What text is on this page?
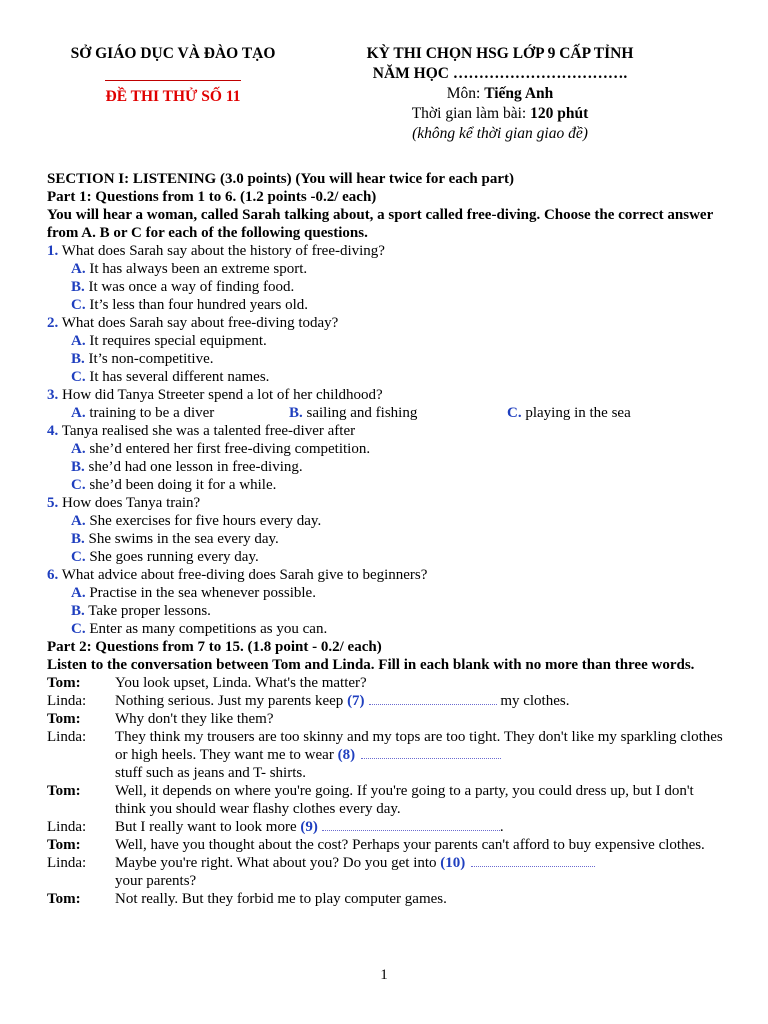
SỞ GIÁO DỤC VÀ ĐÀO TẠO
ĐỀ THI THỬ SỐ 11
KỲ THI CHỌN HSG LỚP 9 CẤP TỈNH
NĂM HỌC …………………………….
Môn: Tiếng Anh
Thời gian làm bài: 120 phút
(không kể thời gian giao đề)
SECTION I: LISTENING (3.0 points) (You will hear twice for each part)
Part 1: Questions from 1 to 6. (1.2 points -0.2/ each)
You will hear a woman, called Sarah talking about, a sport called free-diving. Choose the correct answer from A. B or C for each of the following questions.
1. What does Sarah say about the history of free-diving?
A. It has always been an extreme sport.
B. It was once a way of finding food.
C. It’s less than four hundred years old.
2. What does Sarah say about free-diving today?
A. It requires special equipment.
B. It’s non-competitive.
C. It has several different names.
3. How did Tanya Streeter spend a lot of her childhood?
A. training to be a diver	B. sailing and fishing	C. playing in the sea
4. Tanya realised she was a talented free-diver after
A. she’d entered her first free-diving competition.
B. she’d had one lesson in free-diving.
C. she’d been doing it for a while.
5. How does Tanya train?
A. She exercises for five hours every day.
B. She swims in the sea every day.
C. She goes running every day.
6. What advice about free-diving does Sarah give to beginners?
A. Practise in the sea whenever possible.
B. Take proper lessons.
C. Enter as many competitions as you can.
Part 2: Questions from 7 to 15. (1.8 point - 0.2/ each)
Listen to the conversation between Tom and Linda. Fill in each blank with no more than three words.
Tom:	You look upset, Linda. What's the matter?
Linda:	Nothing serious. Just my parents keep (7)	my clothes.
Tom:	Why don't they like them?
Linda:	They think my trousers are too skinny and my tops are too tight. They don't like my sparkling clothes or high heels. They want me to wear (8)
stuff such as jeans and T- shirts.
Tom:	Well, it depends on where you're going. If you're going to a party, you could dress up, but I don't think you should wear flashy clothes every day.
Linda:	But I really want to look more (9)	.
Tom:	Well, have you thought about the cost? Perhaps your parents can't afford to buy expensive clothes.
Linda:	Maybe you're right. What about you? Do you get into (10)
your parents?
Tom:	Not really. But they forbid me to play computer games.
1
